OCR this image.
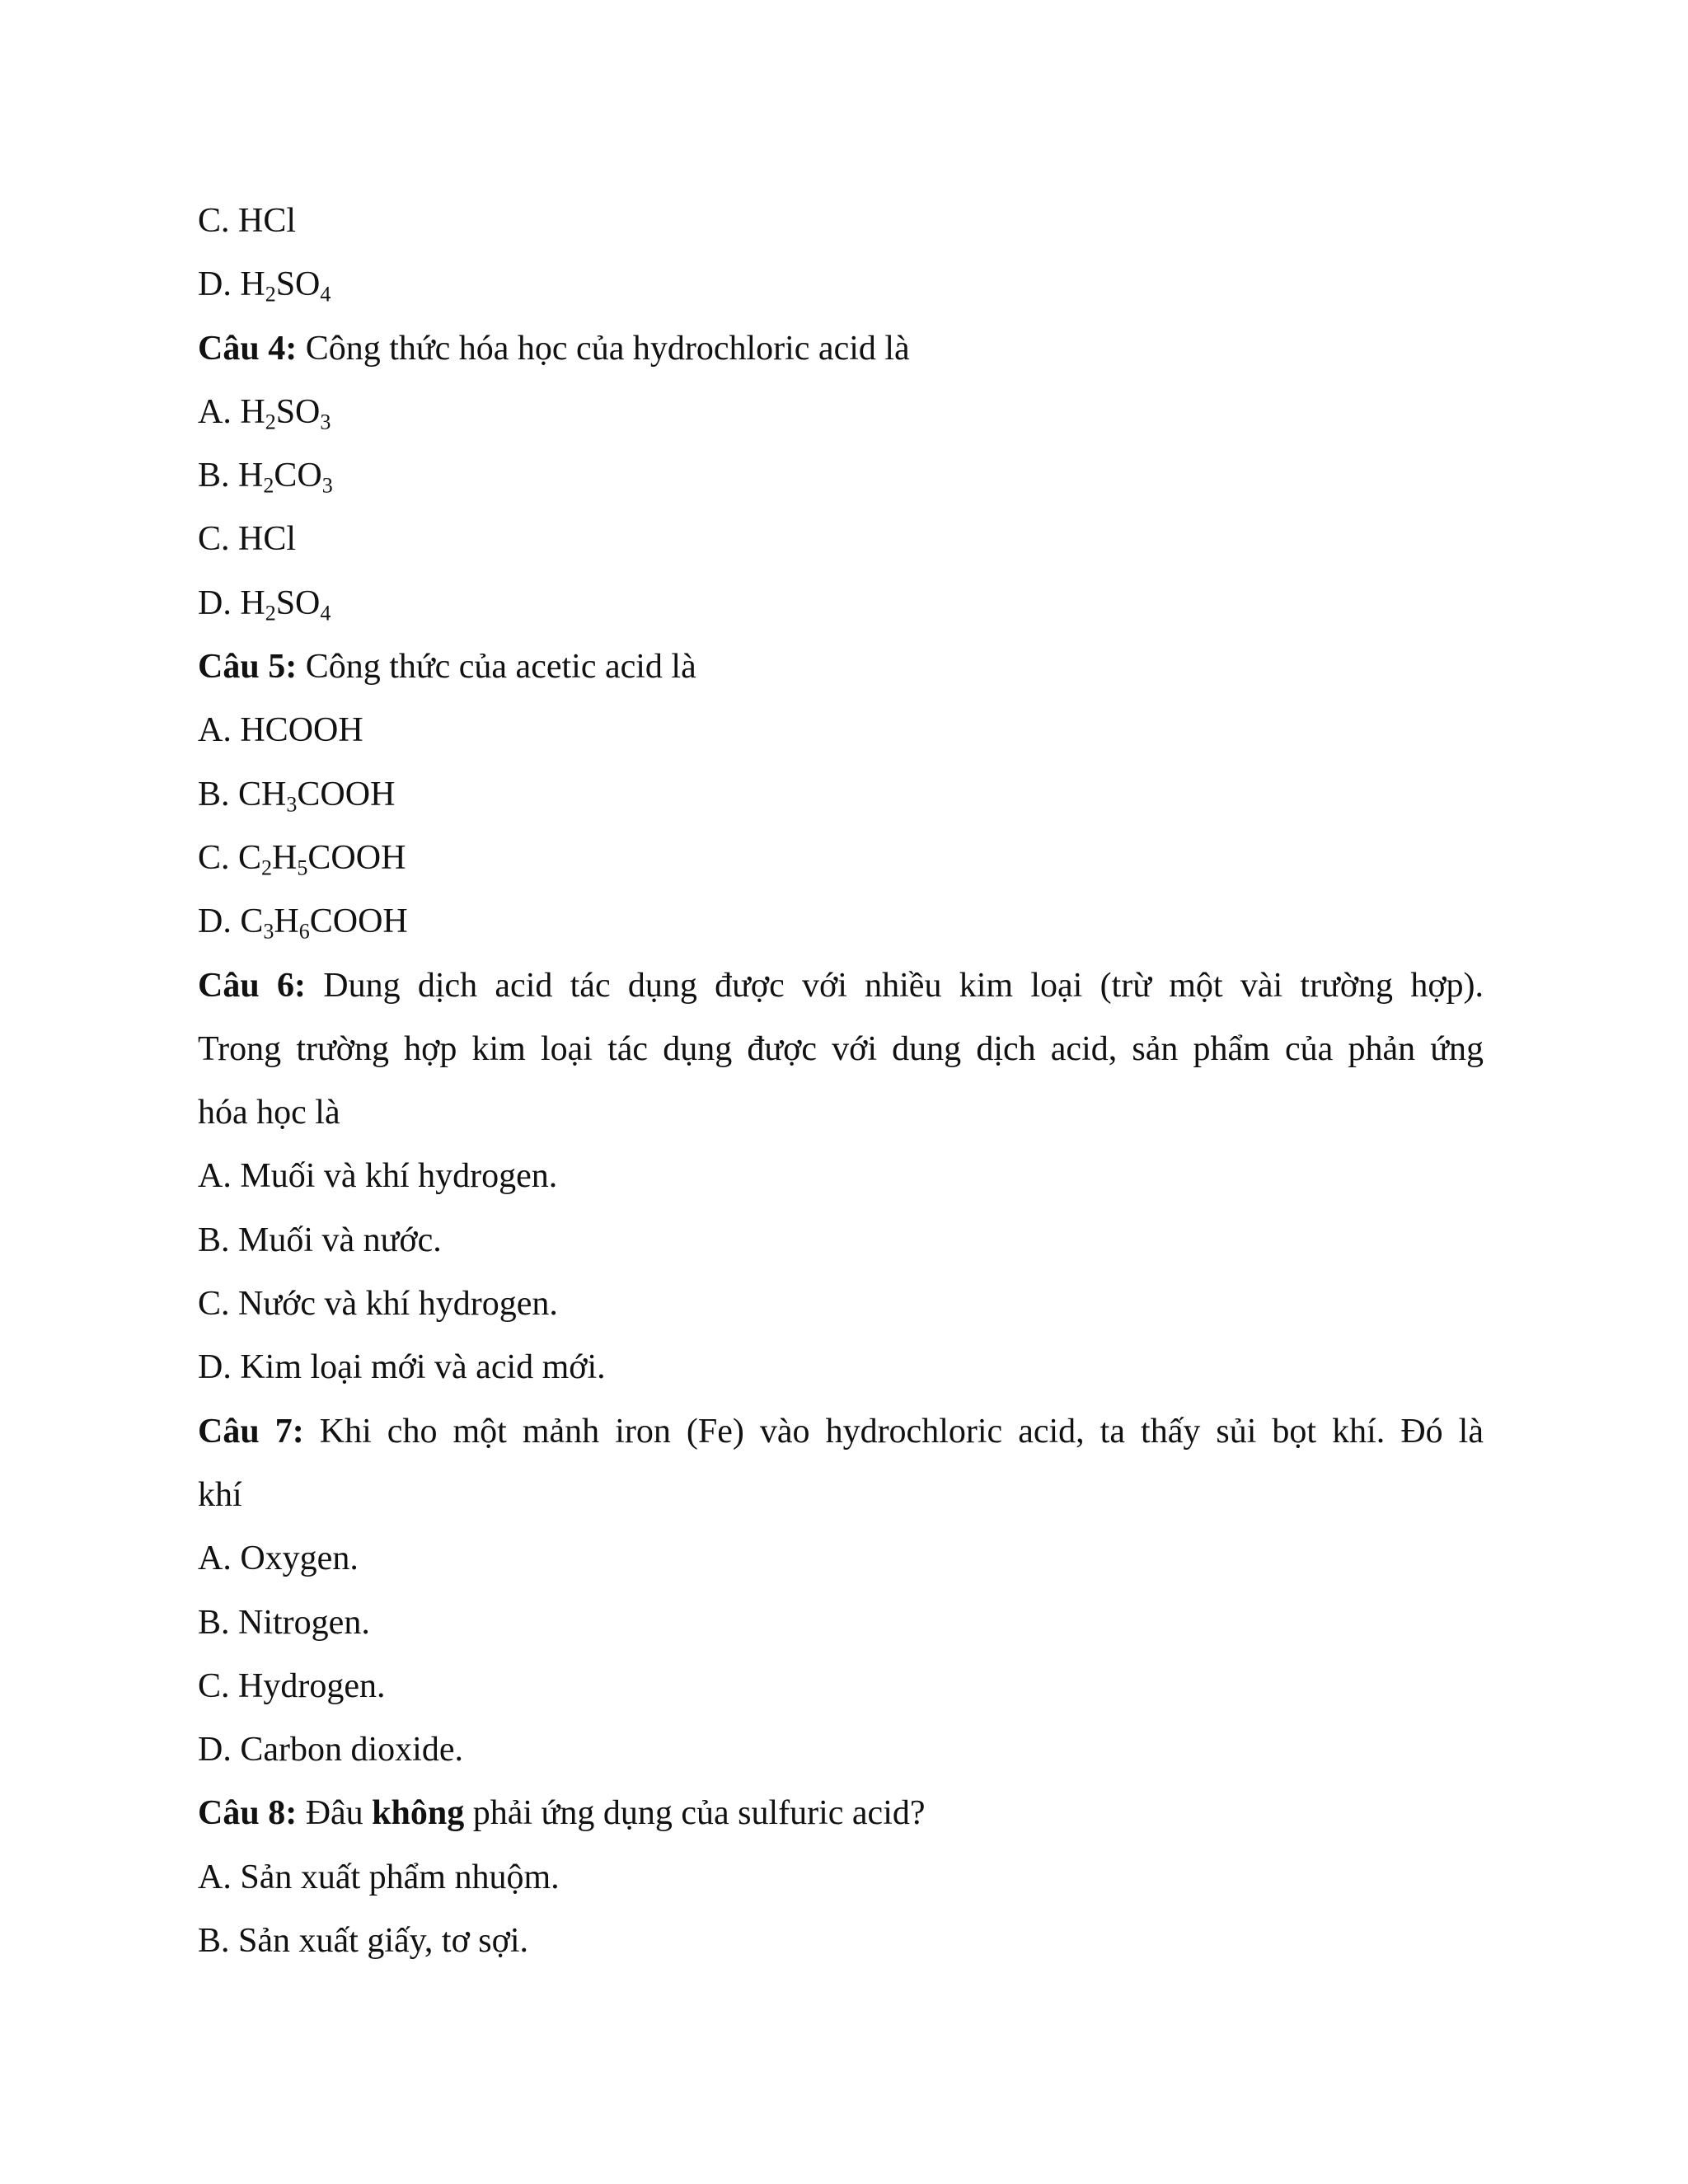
C. HCl
D. $H_2SO_4$
Câu 4: Công thức hóa học của hydrochloric acid là
A. $H_2SO_3$
B. $H_2CO_3$
C. HCl
D. $H_2SO_4$
Câu 5: Công thức của acetic acid là
A. HCOOH
B. $CH_3COOH$
C. $C_2H_5COOH$
D. $C_3H_6COOH$
Câu 6: Dung dịch acid tác dụng được với nhiều kim loại (trừ một vài trường hợp).
Trong trường hợp kim loại tác dụng được với dung dịch acid, sản phẩm của phản ứng
hóa học là
A. Muối và khí hydrogen.
B. Muối và nước.
C. Nước và khí hydrogen.
D. Kim loại mới và acid mới.
Câu 7: Khi cho một mảnh iron (Fe) vào hydrochloric acid, ta thấy sủi bọt khí. Đó là
khí
A. Oxygen.
B. Nitrogen.
C. Hydrogen.
D. Carbon dioxide.
Câu 8: Đâu không phải ứng dụng của sulfuric acid?
A. Sản xuất phẩm nhuộm.
B. Sản xuất giấy, tơ sợi.
